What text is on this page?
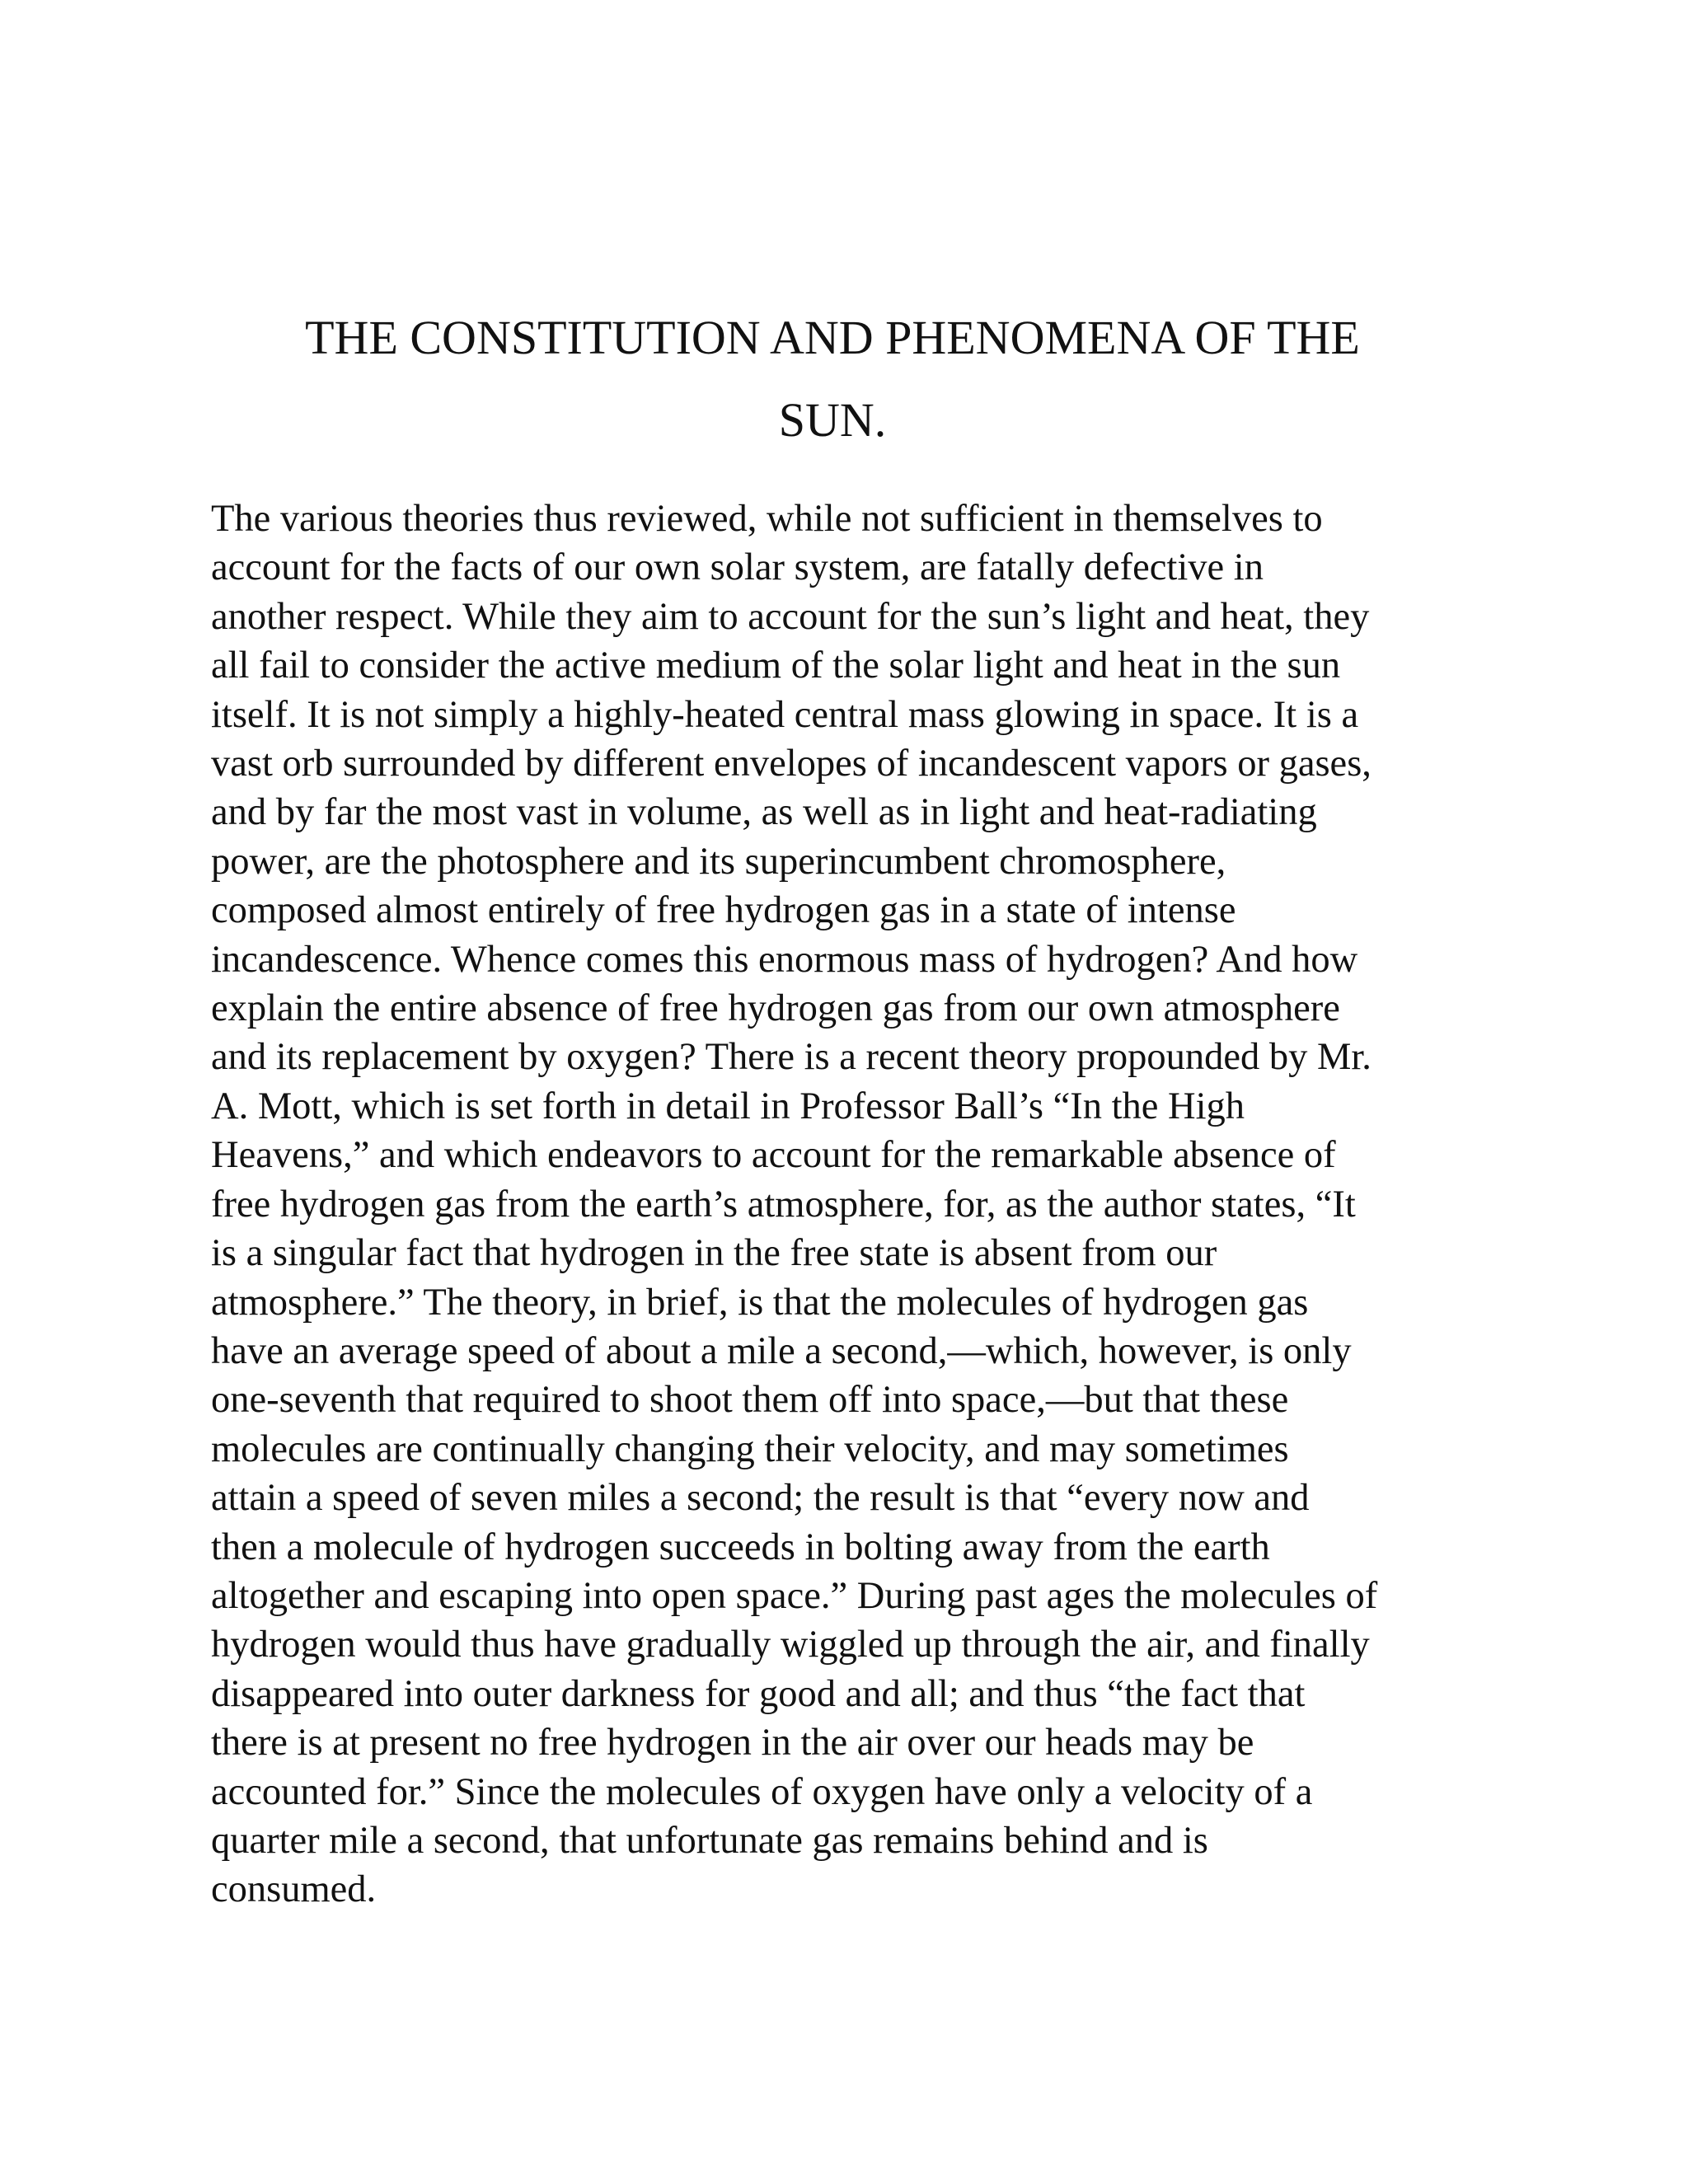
THE CONSTITUTION AND PHENOMENA OF THE
SUN.
The various theories thus reviewed, while not sufficient in themselves to
account for the facts of our own solar system, are fatally defective in
another respect. While they aim to account for the sun’s light and heat, they
all fail to consider the active medium of the solar light and heat in the sun
itself. It is not simply a highly-heated central mass glowing in space. It is a
vast orb surrounded by different envelopes of incandescent vapors or gases,
and by far the most vast in volume, as well as in light and heat-radiating
power, are the photosphere and its superincumbent chromosphere,
composed almost entirely of free hydrogen gas in a state of intense
incandescence. Whence comes this enormous mass of hydrogen? And how
explain the entire absence of free hydrogen gas from our own atmosphere
and its replacement by oxygen? There is a recent theory propounded by Mr.
A. Mott, which is set forth in detail in Professor Ball’s “In the High
Heavens,” and which endeavors to account for the remarkable absence of
free hydrogen gas from the earth’s atmosphere, for, as the author states, “It
is a singular fact that hydrogen in the free state is absent from our
atmosphere.” The theory, in brief, is that the molecules of hydrogen gas
have an average speed of about a mile a second,—which, however, is only
one-seventh that required to shoot them off into space,—but that these
molecules are continually changing their velocity, and may sometimes
attain a speed of seven miles a second; the result is that “every now and
then a molecule of hydrogen succeeds in bolting away from the earth
altogether and escaping into open space.” During past ages the molecules of
hydrogen would thus have gradually wiggled up through the air, and finally
disappeared into outer darkness for good and all; and thus “the fact that
there is at present no free hydrogen in the air over our heads may be
accounted for.” Since the molecules of oxygen have only a velocity of a
quarter mile a second, that unfortunate gas remains behind and is
consumed.
